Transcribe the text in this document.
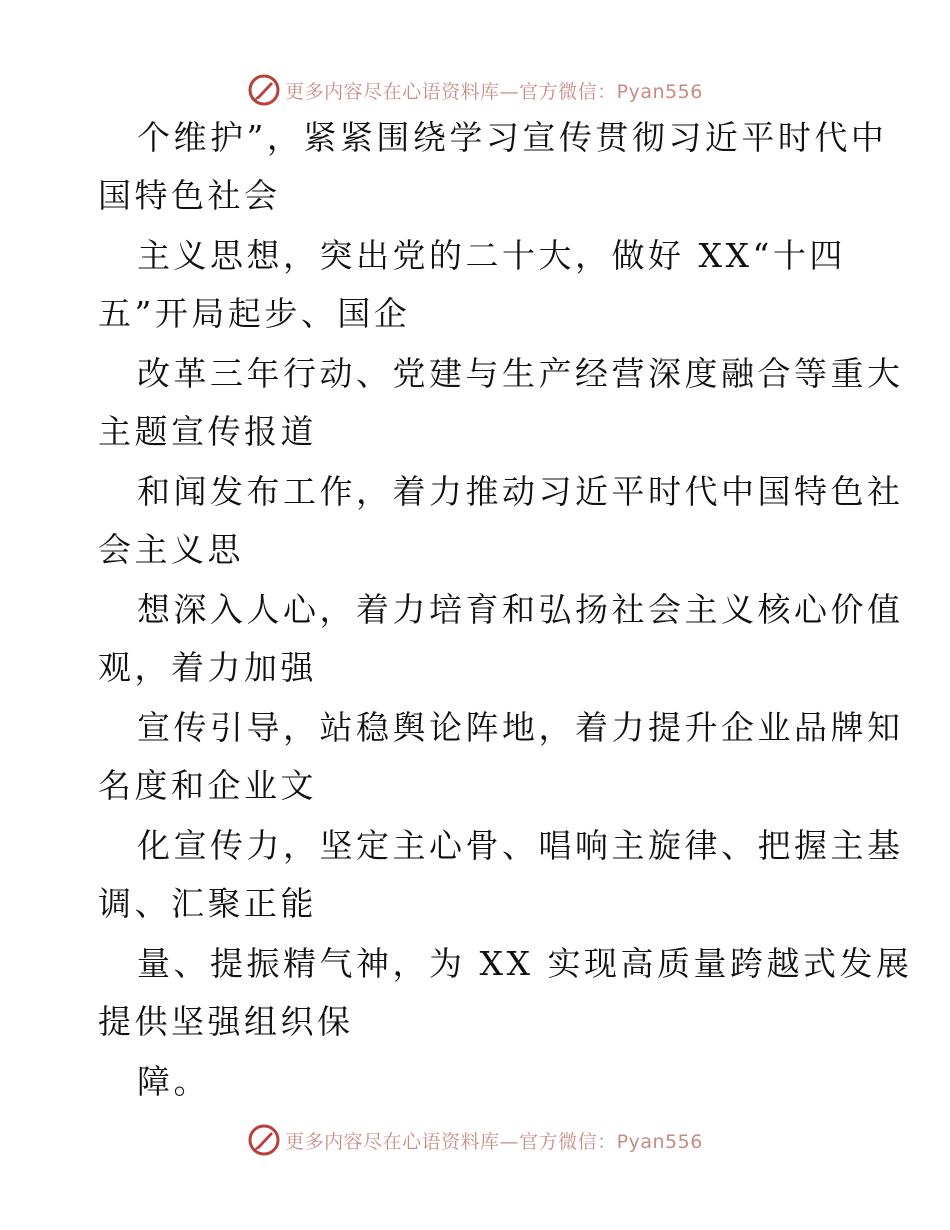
更多内容尽在心语资料库—官方微信：Pyan556
个维护”，紧紧围绕学习宣传贯彻习近平时代中
国特色社会
主义思想，突出党的二十大，做好 XX“十四
五”开局起步、国企
改革三年行动、党建与生产经营深度融合等重大
主题宣传报道
和闻发布工作，着力推动习近平时代中国特色社
会主义思
想深入人心，着力培育和弘扬社会主义核心价值
观，着力加强
宣传引导，站稳舆论阵地，着力提升企业品牌知
名度和企业文
化宣传力，坚定主心骨、唱响主旋律、把握主基
调、汇聚正能
量、提振精气神，为 XX 实现高质量跨越式发展
提供坚强组织保
障。
更多内容尽在心语资料库—官方微信：Pyan556
